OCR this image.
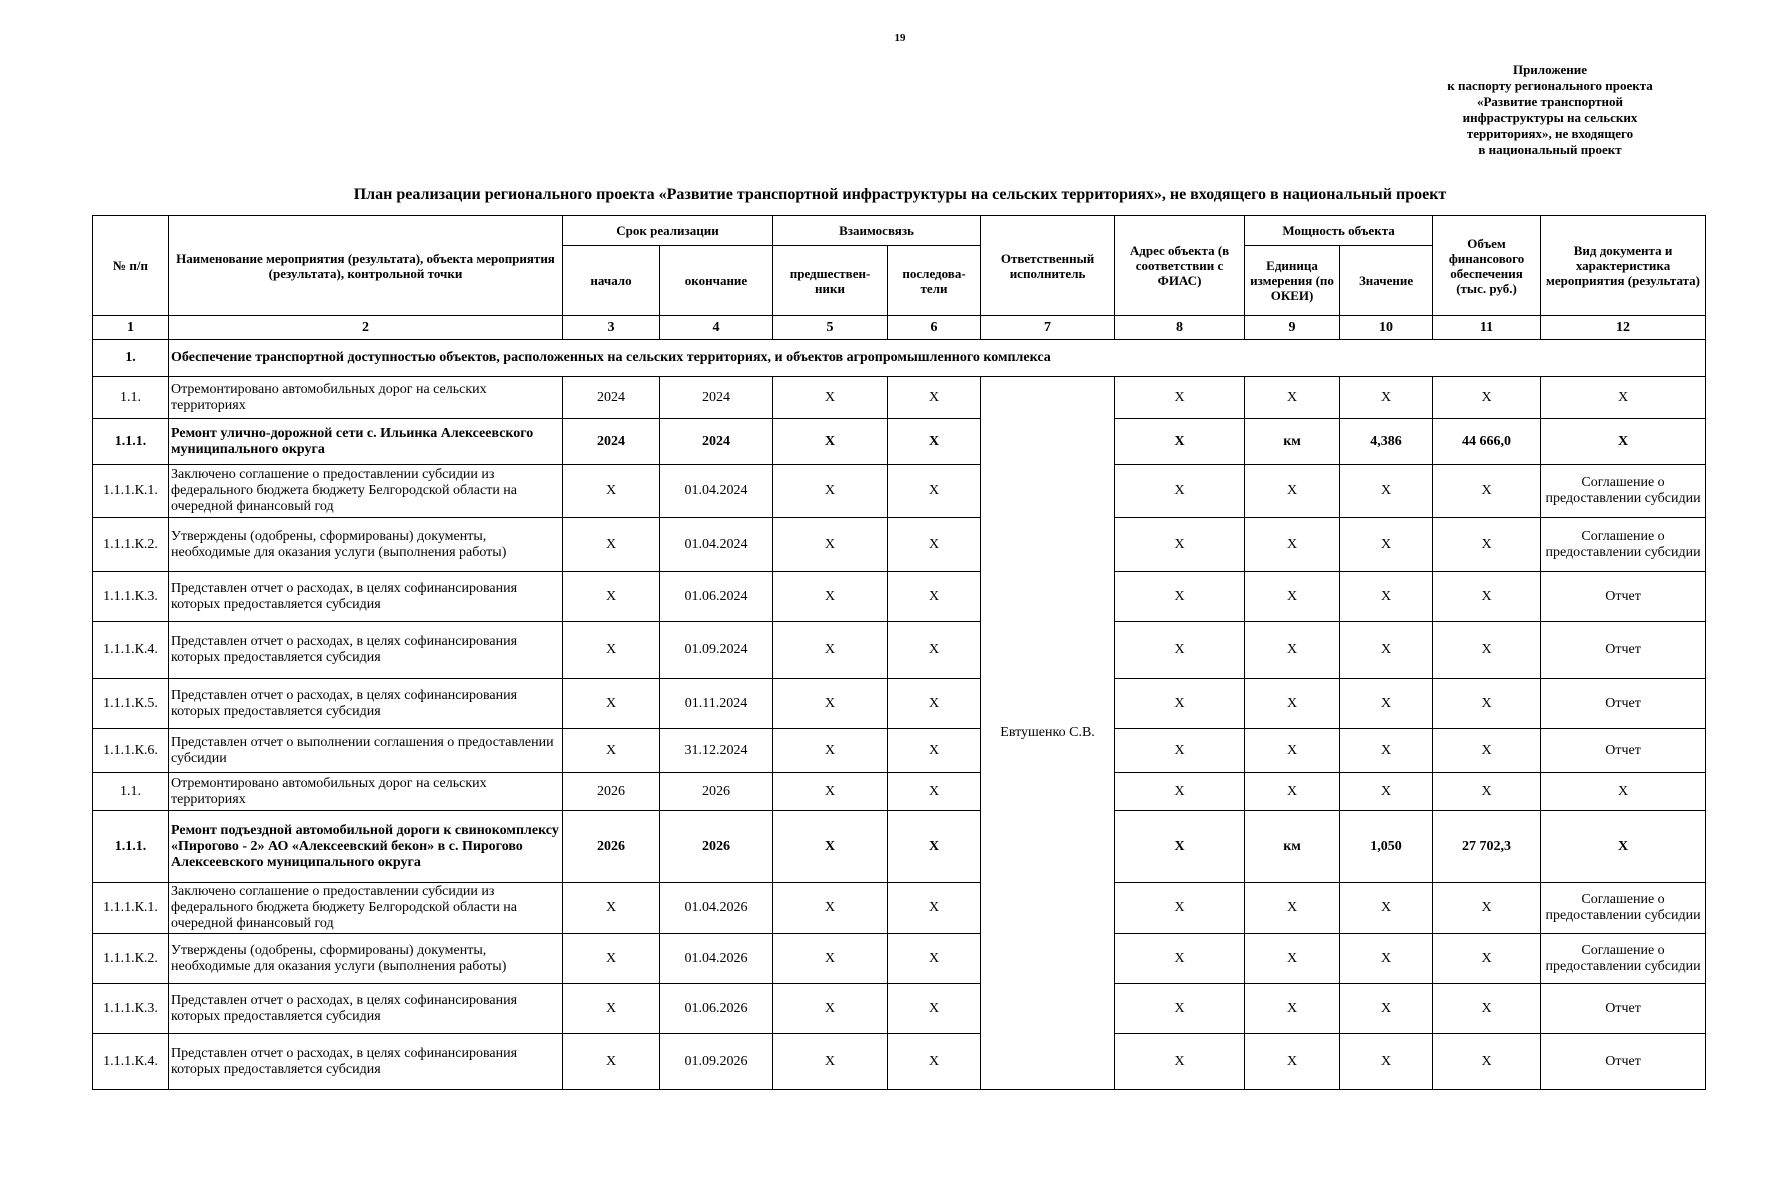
19
Приложение
к паспорту регионального проекта
«Развитие транспортной
инфраструктуры на сельских
территориях», не входящего
в национальный проект
План реализации регионального проекта «Развитие транспортной инфраструктуры на сельских территориях», не входящего в национальный проект
№ п/п	Наименование мероприятия (результата), объекта мероприятия (результата), контрольной точки	Срок реализации		Взаимосвязь		Ответственный исполнитель	Адрес объекта (в соответствии с ФИАС)	Мощность объекта		Объем финансового обеспечения (тыс. руб.)	Вид документа и характеристика мероприятия (результата)
		начало	окончание	предшествен-ники	последова-тели			Единица измерения (по ОКЕИ)	Значение		
1	2	3	4	5	6	7	8	9	10	11	12
1.	Обеспечение транспортной доступностью объектов, расположенных на сельских территориях, и объектов агропромышленного комплекса										
1.1.	Отремонтировано автомобильных дорог на сельских территориях	2024	2024	X	X	Евтушенко С.В.	X	X	X	X	X
1.1.1.	Ремонт улично-дорожной сети с. Ильинка Алексеевского муниципального округа	2024	2024	X	X		X	км	4,386	44 666,0	X
1.1.1.К.1.	Заключено соглашение о предоставлении субсидии из федерального бюджета бюджету Белгородской области на очередной финансовый год	X	01.04.2024	X	X		X	X	X	X	Соглашение о предоставлении субсидии
1.1.1.К.2.	Утверждены (одобрены, сформированы) документы, необходимые для оказания услуги (выполнения работы)	X	01.04.2024	X	X		X	X	X	X	Соглашение о предоставлении субсидии
1.1.1.К.3.	Представлен отчет о расходах, в целях софинансирования которых предоставляется субсидия	X	01.06.2024	X	X		X	X	X	X	Отчет
1.1.1.К.4.	Представлен отчет о расходах, в целях софинансирования которых предоставляется субсидия	X	01.09.2024	X	X		X	X	X	X	Отчет
1.1.1.К.5.	Представлен отчет о расходах, в целях софинансирования которых предоставляется субсидия	X	01.11.2024	X	X		X	X	X	X	Отчет
1.1.1.К.6.	Представлен отчет о выполнении соглашения о предоставлении субсидии	X	31.12.2024	X	X		X	X	X	X	Отчет
1.1.	Отремонтировано автомобильных дорог на сельских территориях	2026	2026	X	X		X	X	X	X	X
1.1.1.	Ремонт подъездной автомобильной дороги к свинокомплексу «Пирогово - 2» АО «Алексеевский бекон» в с. Пирогово Алексеевского муниципального округа	2026	2026	X	X		X	км	1,050	27 702,3	X
1.1.1.К.1.	Заключено соглашение о предоставлении субсидии из федерального бюджета бюджету Белгородской области на очередной финансовый год	X	01.04.2026	X	X		X	X	X	X	Соглашение о предоставлении субсидии
1.1.1.К.2.	Утверждены (одобрены, сформированы) документы, необходимые для оказания услуги (выполнения работы)	X	01.04.2026	X	X		X	X	X	X	Соглашение о предоставлении субсидии
1.1.1.К.3.	Представлен отчет о расходах, в целях софинансирования которых предоставляется субсидия	X	01.06.2026	X	X		X	X	X	X	Отчет
1.1.1.К.4.	Представлен отчет о расходах, в целях софинансирования которых предоставляется субсидия	X	01.09.2026	X	X		X	X	X	X	Отчет
